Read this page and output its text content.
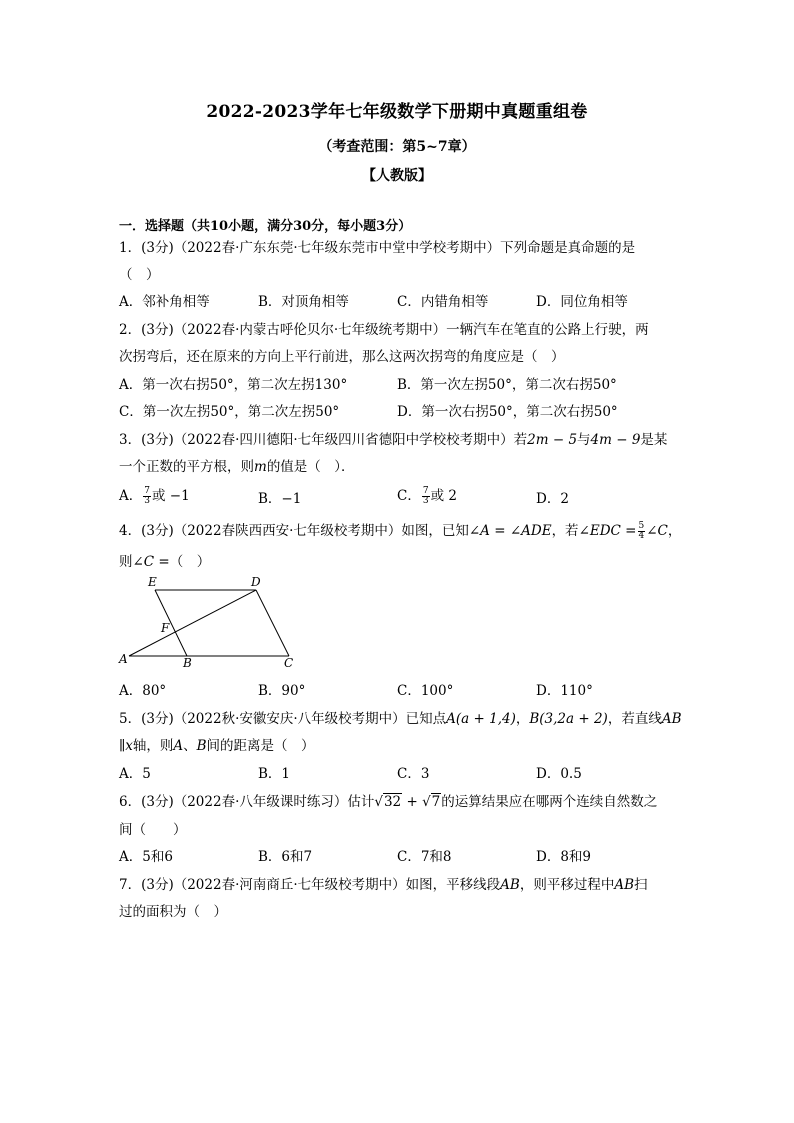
2022-2023学年七年级数学下册期中真题重组卷
（考查范围：第5~7章）
【人教版】
一．选择题（共10小题，满分30分，每小题3分）
1．(3分)（2022春·广东东莞·七年级东莞市中堂中学校考期中）下列命题是真命题的是
（　）
A．邻补角相等	B．对顶角相等	C．内错角相等	D．同位角相等
2．(3分)（2022春·内蒙古呼伦贝尔·七年级统考期中）一辆汽车在笔直的公路上行驶，两
次拐弯后，还在原来的方向上平行前进，那么这两次拐弯的角度应是（　）
A．第一次右拐50°，第二次左拐130°	B．第一次左拐50°，第二次右拐50°
C．第一次左拐50°，第二次左拐50°	D．第一次右拐50°，第二次右拐50°
3．(3分)（2022春·四川德阳·七年级四川省德阳中学校校考期中）若2m − 5与4m − 9是某
一个正数的平方根，则m的值是（　）．
A． $\frac{7}{3}$ 或 −1	B．−1	C． $\frac{7}{3}$ 或 2	D．2
4．(3分)（2022春陕西西安·七年级校考期中）如图，已知∠A = ∠ADE，若∠EDC = $\frac{5}{4}$ ∠C，
则∠C =（　）
E	D
F
A	B	C
A．80°	B．90°	C．100°	D．110°
5．(3分)（2022秋·安徽安庆·八年级校考期中）已知点A(a + 1,4)，B(3,2a + 2)，若直线AB
∥x轴，则A、B间的距离是（　）
A．5	B．1	C．3	D．0.5
6．(3分)（2022春·八年级课时练习）估计√32 + √7的运算结果应在哪两个连续自然数之
间（　　）
A．5和6	B．6和7	C．7和8	D．8和9
7．(3分)（2022春·河南商丘·七年级校考期中）如图，平移线段AB，则平移过程中AB扫
过的面积为（　）
